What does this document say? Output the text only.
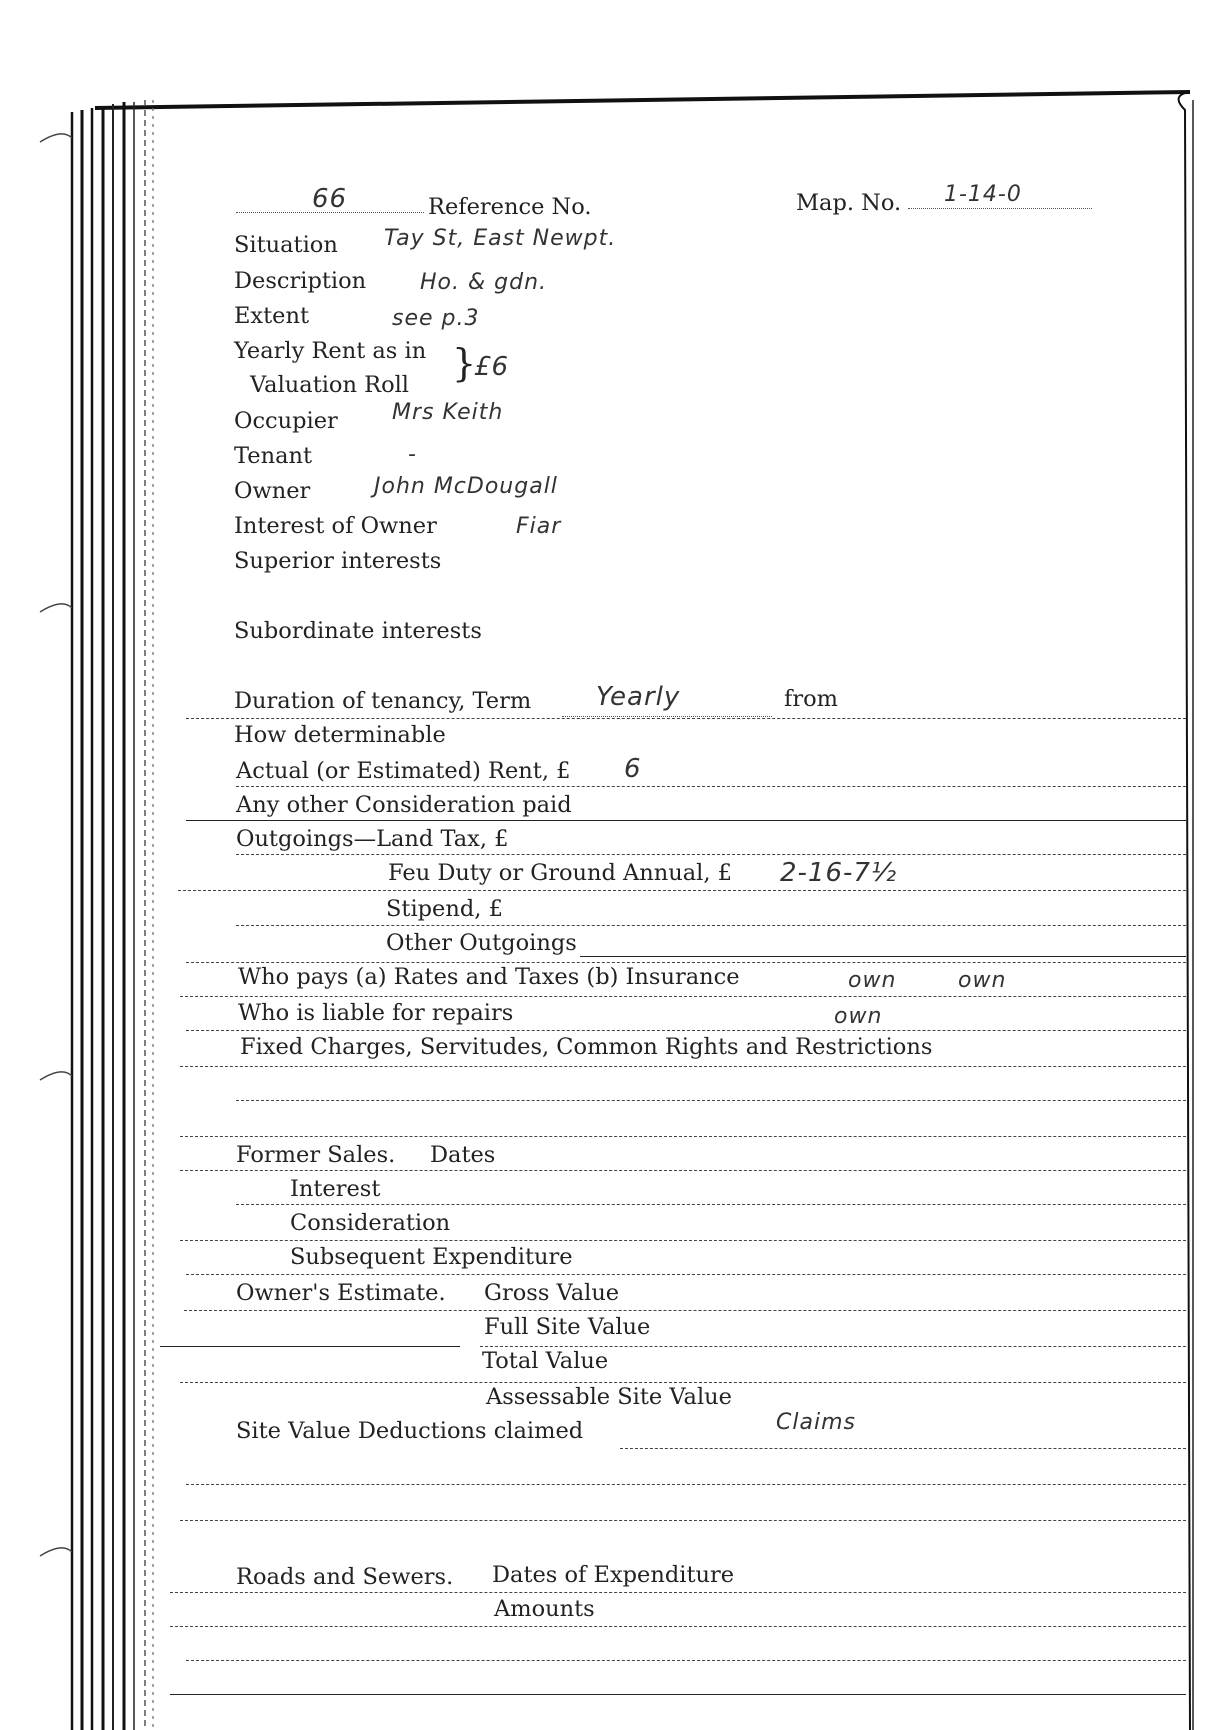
66	Reference No.	Map. No. 1-14-0
Situation Tay St, East Newpt.
Description Ho. & gdn.
Extent	see p.3
Yearly Rent as in
Valuation Roll }
£6
Occupier Mrs Keith
Tenant	-
Owner	John McDougall
Interest of Owner	Fiar
Superior interests
Subordinate interests
Duration of tenancy, Term Yearly	from
How determinable
Actual (or Estimated) Rent, £ 6
Any other Consideration paid
Outgoings—Land Tax, £
Feu Duty or Ground Annual, £ 2-16-7½
Stipend, £
Other Outgoings
Who pays (a) Rates and Taxes (b) Insurance	own	own
Who is liable for repairs	own
Fixed Charges, Servitudes, Common Rights and Restrictions
Former Sales. Dates
Interest
Consideration
Subsequent Expenditure
Owner's Estimate. Gross Value
Full Site Value
Total Value
Assessable Site Value
Site Value Deductions claimed	Claims
Roads and Sewers. Dates of Expenditure
Amounts
